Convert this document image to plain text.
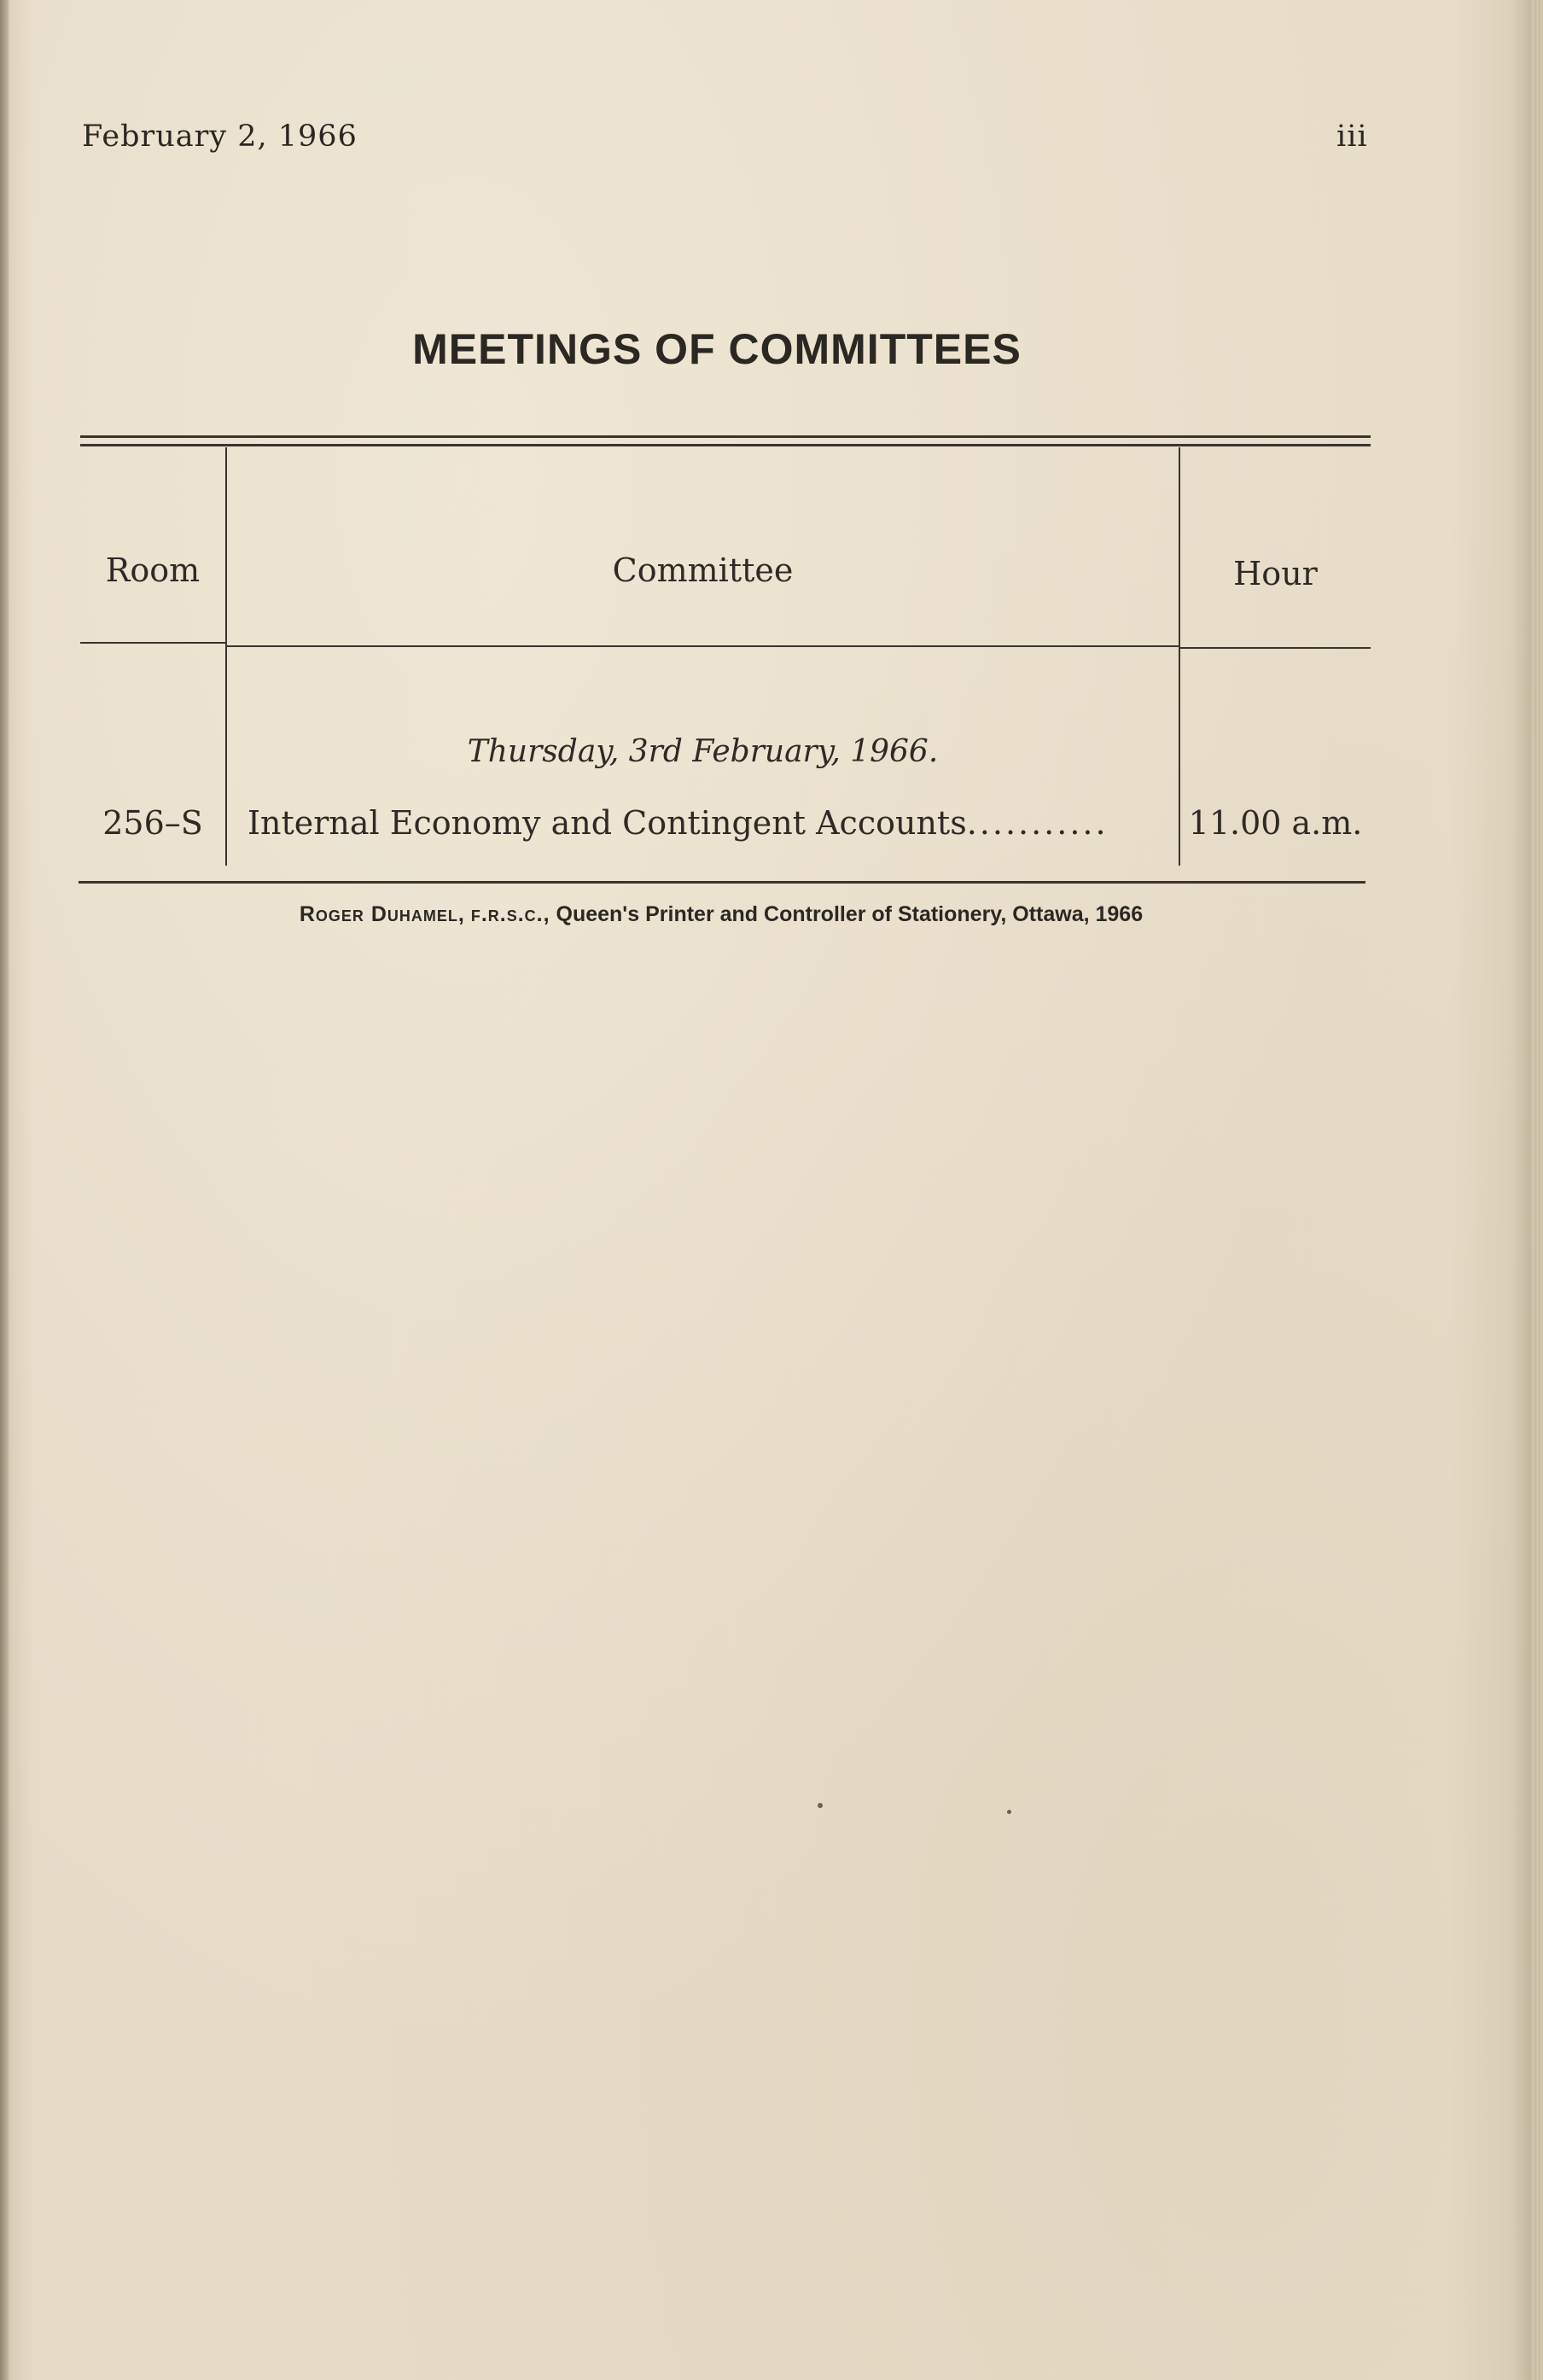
February 2, 1966	iii
MEETINGS OF COMMITTEES
Room	Committee	Hour
Thursday, 3rd February, 1966.
256–S	Internal Economy and Contingent Accounts...........	11.00 a.m.
Roger Duhamel, f.r.s.c., Queen's Printer and Controller of Stationery, Ottawa, 1966
